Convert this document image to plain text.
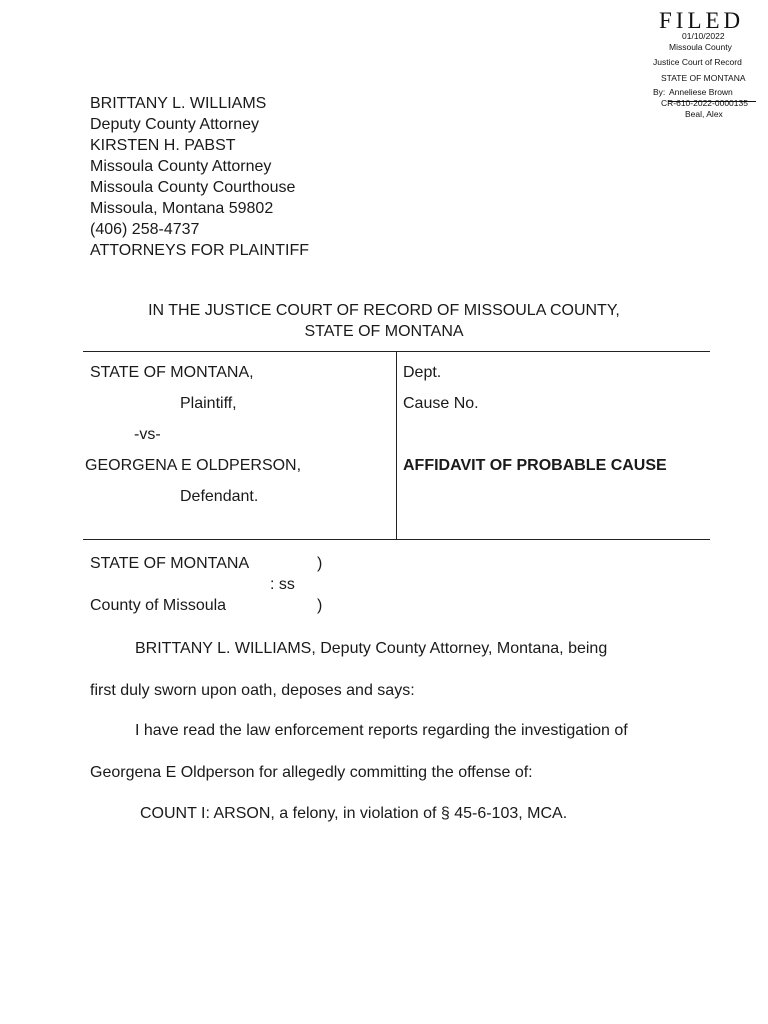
FILED
01/10/2022
Missoula County
Justice Court of Record
STATE OF MONTANA
By: Anneliese Brown
CR-610-2022-0000135
Beal, Alex
BRITTANY L. WILLIAMS
Deputy County Attorney
KIRSTEN H. PABST
Missoula County Attorney
Missoula County Courthouse
Missoula, Montana 59802
(406) 258-4737
ATTORNEYS FOR PLAINTIFF
IN THE JUSTICE COURT OF RECORD OF MISSOULA COUNTY,
STATE OF MONTANA
STATE OF MONTANA,
Plaintiff,
-vs-
GEORGENA E OLDPERSON,
Defendant.
Dept.
Cause No.
AFFIDAVIT OF PROBABLE CAUSE
STATE OF MONTANA	)
: ss
County of Missoula	)
BRITTANY L. WILLIAMS, Deputy County Attorney, Montana, being
first duly sworn upon oath, deposes and says:
I have read the law enforcement reports regarding the investigation of
Georgena E Oldperson for allegedly committing the offense of:
COUNT I: ARSON, a felony, in violation of § 45-6-103, MCA.
